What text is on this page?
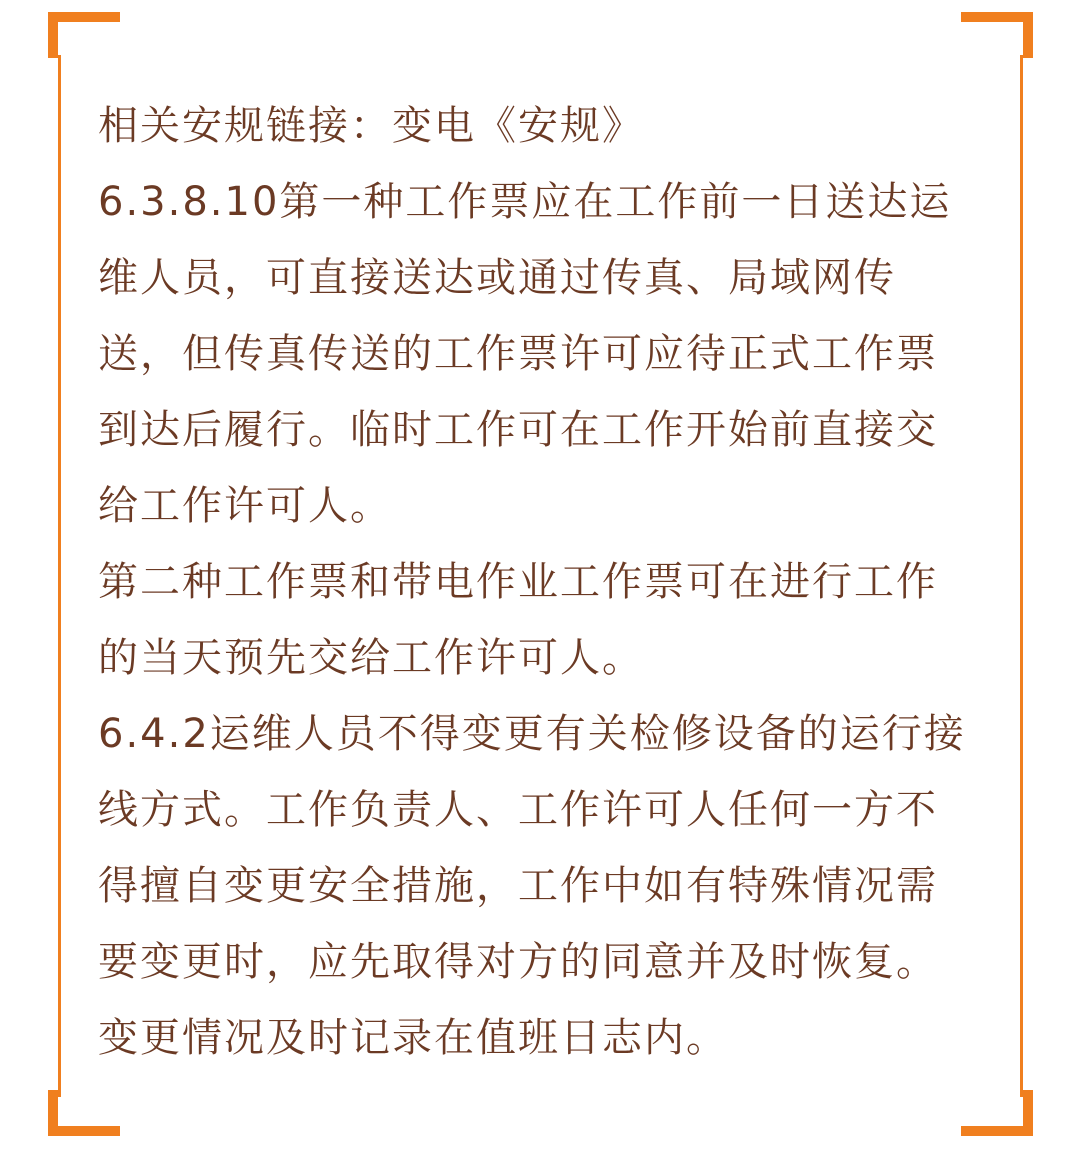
相关安规链接：变电《安规》
6.3.8.10第一种工作票应在工作前一日送达运
维人员，可直接送达或通过传真、局域网传
送，但传真传送的工作票许可应待正式工作票
到达后履行。临时工作可在工作开始前直接交
给工作许可人。
第二种工作票和带电作业工作票可在进行工作
的当天预先交给工作许可人。
6.4.2运维人员不得变更有关检修设备的运行接
线方式。工作负责人、工作许可人任何一方不
得擅自变更安全措施，工作中如有特殊情况需
要变更时，应先取得对方的同意并及时恢复。
变更情况及时记录在值班日志内。
